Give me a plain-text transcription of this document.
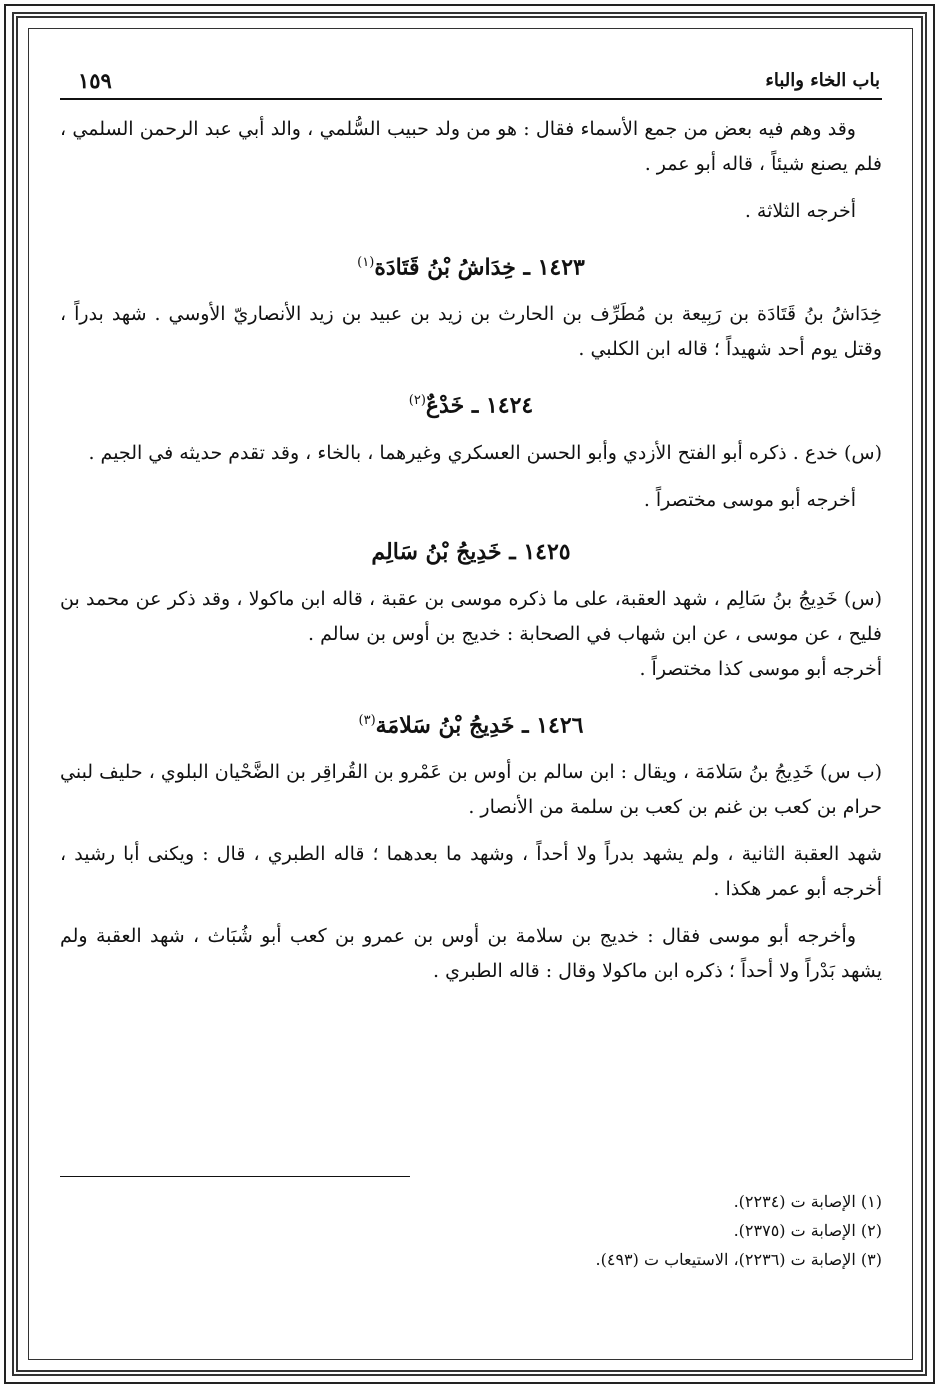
باب الخاء والباء
١٥٩

وقد وهم فيه بعض من جمع الأسماء فقال : هو من ولد حبيب السُّلمي ، والد أبي عبد الرحمن السلمي ، فلم يصنع شيئاً ، قاله أبو عمر .

أخرجه الثلاثة .

١٤٢٣ ـ خِدَاشُ بْنُ قَتَادَة$^{(١)}$

خِدَاشُ بنُ قَتَادَة بن رَبِيعة بن مُطَرِّف بن الحارث بن زيد بن عبيد بن زيد الأنصاريّ الأوسي . شهد بدراً ، وقتل يوم أحد شهيداً ؛ قاله ابن الكلبي .

١٤٢٤ ـ خَدْعٌ$^{(٢)}$

(س) خدع . ذكره أبو الفتح الأزدي وأبو الحسن العسكري وغيرهما ، بالخاء ، وقد تقدم حديثه في الجيم .

أخرجه أبو موسى مختصراً .

١٤٢٥ ـ خَدِيجُ بْنُ سَالِم

(س) خَدِيجُ بنُ سَالِم ، شهد العقبة، على ما ذكره موسى بن عقبة ، قاله ابن ماكولا ، وقد ذكر عن محمد بن فليح ، عن موسى ، عن ابن شهاب في الصحابة : خديج بن أوس بن سالم .

أخرجه أبو موسى كذا مختصراً .

١٤٢٦ ـ خَدِيجُ بْنُ سَلامَة$^{(٣)}$

(ب س) خَدِيجُ بنُ سَلامَة ، ويقال : ابن سالم بن أوس بن عَمْرو بن القُراقِر بن الضَّحْيان البلوي ، حليف لبني حرام بن كعب بن غنم بن كعب بن سلمة من الأنصار .

شهد العقبة الثانية ، ولم يشهد بدراً ولا أحداً ، وشهد ما بعدهما ؛ قاله الطبري ، قال : ويكنى أبا رشيد ، أخرجه أبو عمر هكذا .

وأخرجه أبو موسى فقال : خديج بن سلامة بن أوس بن عمرو بن كعب أبو شُبَاث ، شهد العقبة ولم يشهد بَدْراً ولا أحداً ؛ ذكره ابن ماكولا وقال : قاله الطبري .

(١) الإصابة ت (٢٢٣٤).
(٢) الإصابة ت (٢٣٧٥).
(٣) الإصابة ت (٢٢٣٦)، الاستيعاب ت (٤٩٣).
